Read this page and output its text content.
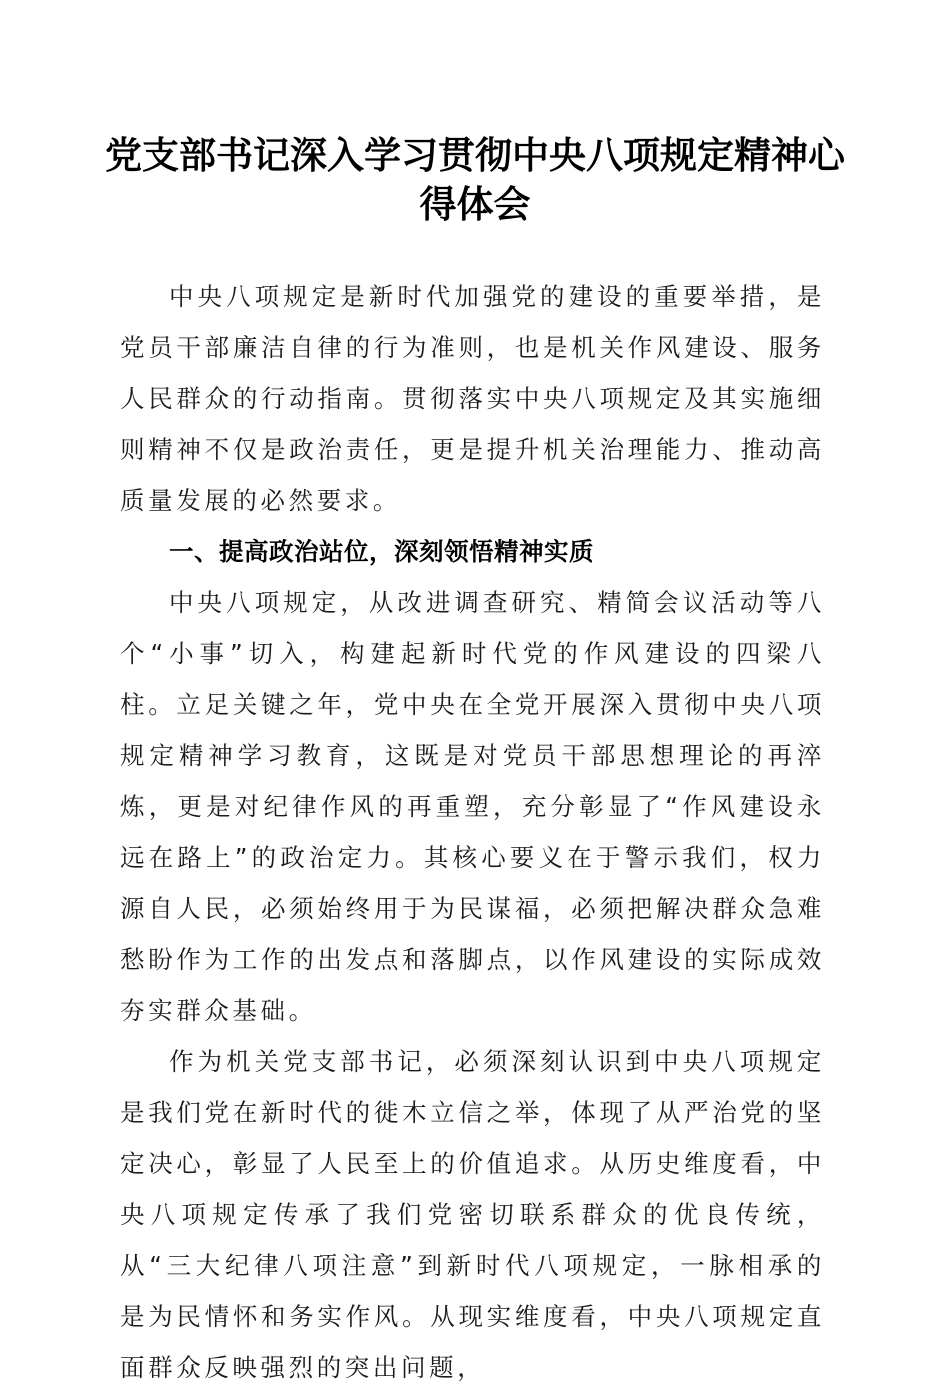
党支部书记深入学习贯彻中央八项规定精神心得体会

中央八项规定是新时代加强党的建设的重要举措，是党员干部廉洁自律的行为准则，也是机关作风建设、服务人民群众的行动指南。贯彻落实中央八项规定及其实施细则精神不仅是政治责任，更是提升机关治理能力、推动高质量发展的必然要求。

一、提高政治站位，深刻领悟精神实质

中央八项规定，从改进调查研究、精简会议活动等八个“小事”切入，构建起新时代党的作风建设的四梁八柱。立足关键之年，党中央在全党开展深入贯彻中央八项规定精神学习教育，这既是对党员干部思想理论的再淬炼，更是对纪律作风的再重塑，充分彰显了“作风建设永远在路上”的政治定力。其核心要义在于警示我们，权力源自人民，必须始终用于为民谋福，必须把解决群众急难愁盼作为工作的出发点和落脚点，以作风建设的实际成效夯实群众基础。

作为机关党支部书记，必须深刻认识到中央八项规定是我们党在新时代的徙木立信之举，体现了从严治党的坚定决心，彰显了人民至上的价值追求。从历史维度看，中央八项规定传承了我们党密切联系群众的优良传统，从“三大纪律八项注意”到新时代八项规定，一脉相承的是为民情怀和务实作风。从现实维度看，中央八项规定直面群众反映强烈的突出问题，
